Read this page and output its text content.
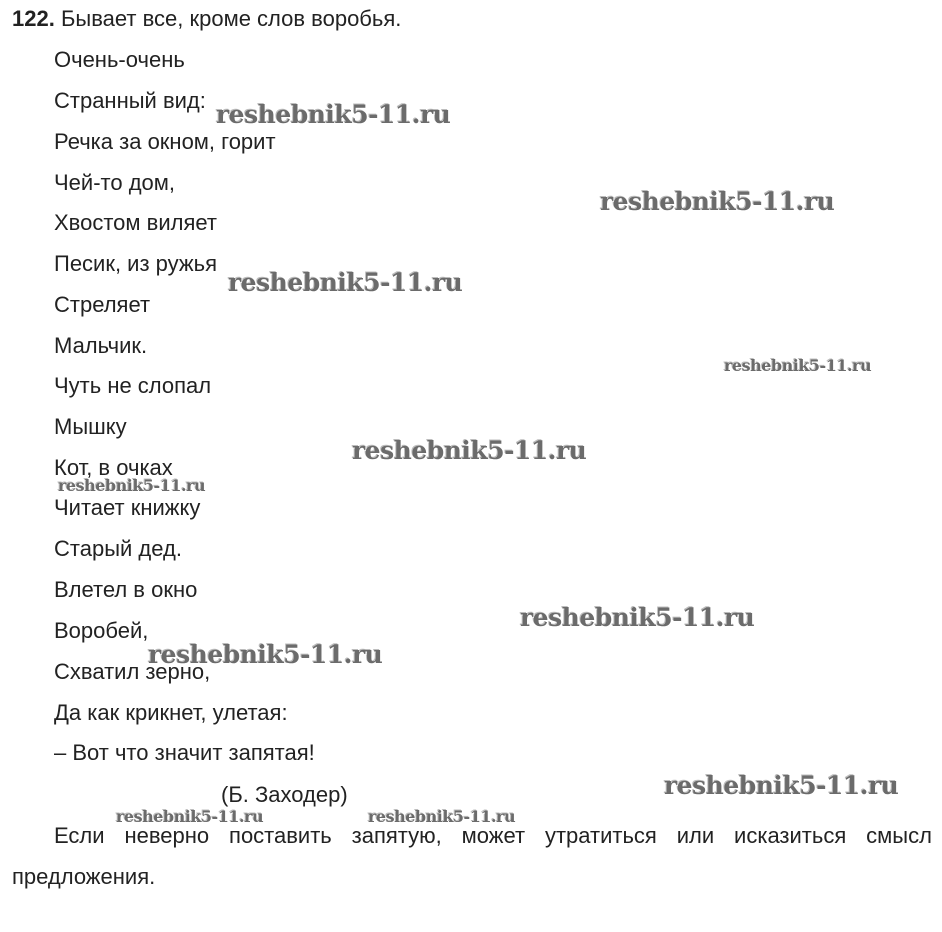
122. Бывает все, кроме слов воробья.
Очень-очень
Странный вид:
Речка за окном, горит
Чей-то дом,
Хвостом виляет
Песик, из ружья
Стреляет
Мальчик.
Чуть не слопал
Мышку
Кот, в очках
Читает книжку
Старый дед.
Влетел в окно
Воробей,
Схватил зерно,
Да как крикнет, улетая:
– Вот что значит запятая!
(Б. Заходер)
Если неверно поставить запятую, может утратиться или исказиться смысл
предложения.
reshebnik5-11.ru
reshebnik5-11.ru
reshebnik5-11.ru
reshebnik5-11.ru
reshebnik5-11.ru
reshebnik5-11.ru
reshebnik5-11.ru
reshebnik5-11.ru
reshebnik5-11.ru
reshebnik5-11.ru	reshebnik5-11.ru
